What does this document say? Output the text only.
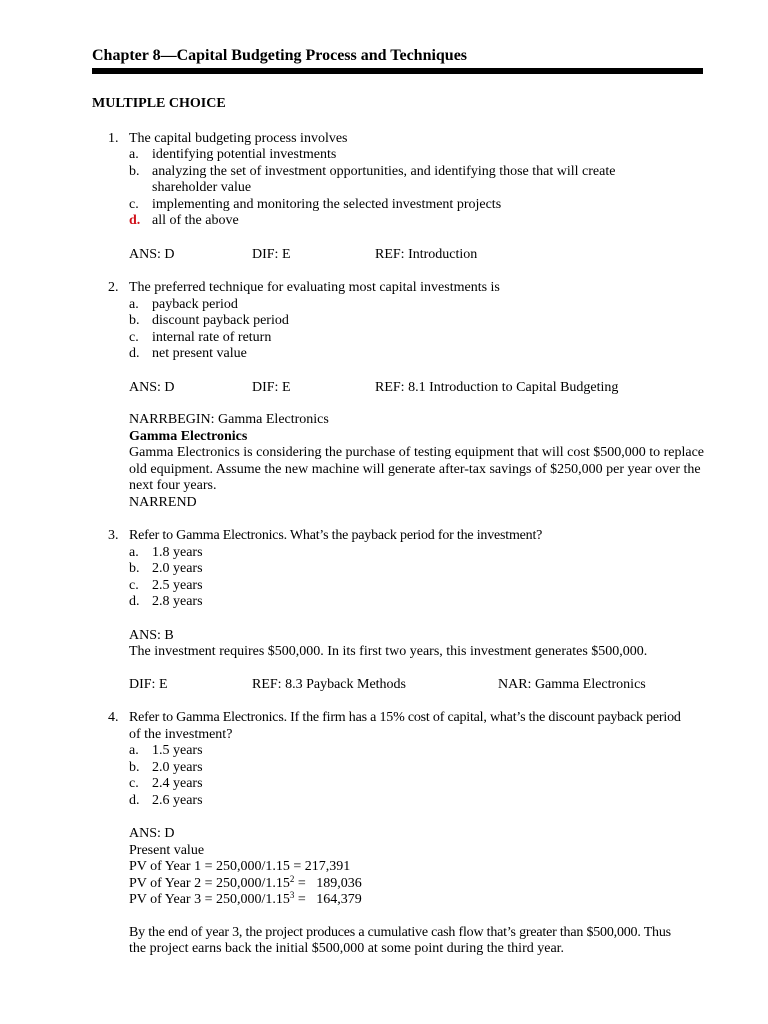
Chapter 8—Capital Budgeting Process and Techniques
MULTIPLE CHOICE
1. The capital budgeting process involves
a. identifying potential investments
b. analyzing the set of investment opportunities, and identifying those that will create
shareholder value
c. implementing and monitoring the selected investment projects
d. all of the above
ANS: D	DIF: E	REF: Introduction
2. The preferred technique for evaluating most capital investments is
a. payback period
b. discount payback period
c. internal rate of return
d. net present value
ANS: D	DIF: E	REF: 8.1 Introduction to Capital Budgeting
NARRBEGIN: Gamma Electronics
Gamma Electronics
Gamma Electronics is considering the purchase of testing equipment that will cost $500,000 to replace
old equipment. Assume the new machine will generate after-tax savings of $250,000 per year over the
next four years.
NARREND
3. Refer to Gamma Electronics. What’s the payback period for the investment?
a. 1.8 years
b. 2.0 years
c. 2.5 years
d. 2.8 years
ANS: B
The investment requires $500,000. In its first two years, this investment generates $500,000.
DIF: E	REF: 8.3 Payback Methods	NAR: Gamma Electronics
4. Refer to Gamma Electronics. If the firm has a 15% cost of capital, what’s the discount payback period
of the investment?
a. 1.5 years
b. 2.0 years
c. 2.4 years
d. 2.6 years
ANS: D
Present value
PV of Year 1 = 250,000/1.15 = 217,391
PV of Year $2 = 250,000/1.15^2 = 189,036$
PV of Year $3 = 250,000/1.15^3 = 164,379$
By the end of year 3, the project produces a cumulative cash flow that’s greater than $500,000. Thus
the project earns back the initial $500,000 at some point during the third year.
